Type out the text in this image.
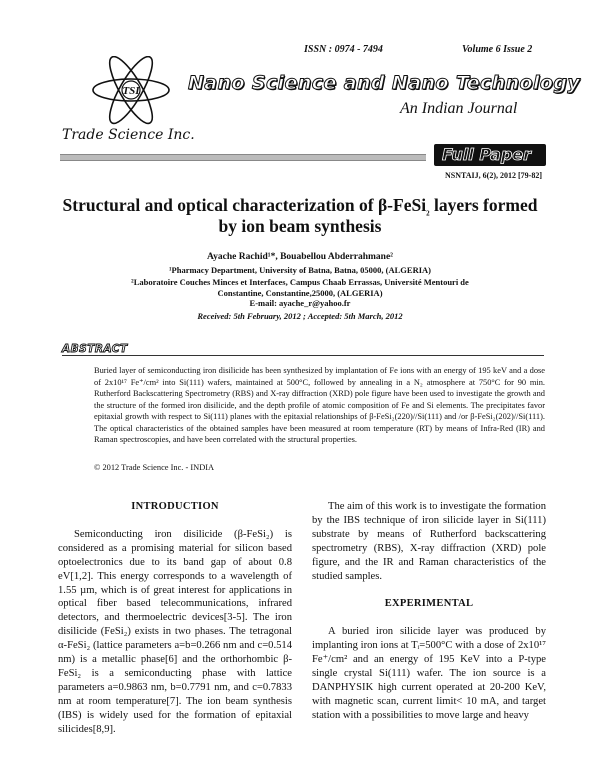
ISSN : 0974 - 7494	Volume 6 Issue 2
TSI	Nano Science and Nano Technology
An Indian Journal
Trade Science Inc.
Full Paper
NSNTAIJ, 6(2), 2012 [79-82]
Structural and optical characterization of β-FeSi$_2$ layers formed
by ion beam synthesis
Ayache Rachid¹*, Bouabellou Abderrahmane²
¹Pharmacy Department, University of Batna, Batna, 05000, (ALGERIA)
²Laboratoire Couches Minces et Interfaces, Campus Chaab Errassas, Université Mentouri de
Constantine, Constantine,25000, (ALGERIA)
E-mail: ayache_r@yahoo.fr
Received: 5th February, 2012 ; Accepted: 5th March, 2012
ABSTRACT
Buried layer of semiconducting iron disilicide has been synthesized by implantation of Fe ions with an energy of 195 keV and a dose of 2x10¹⁷ Fe⁺/cm² into Si(111) wafers, maintained at 500°C, followed by annealing in a N₂ atmosphere at 750°C for 90 min. Rutherford Backscattering Spectrometry (RBS) and X-ray diffraction (XRD) pole figure have been used to investigate the growth and the structure of the formed iron disilicide, and the depth profile of atomic composition of Fe and Si elements. The precipitates favor epitaxial growth with respect to Si(111) planes with the epitaxial relationships of β-FeSi₂(220)//Si(111) and /or β-FeSi₂(202)//Si(111). The optical characteristics of the obtained samples have been measured at room temperature (RT) by means of Infra-Red (IR) and Raman spectroscopies, and have been correlated with the structural properties.
© 2012 Trade Science Inc. - INDIA
INTRODUCTION

Semiconducting iron disilicide (β-FeSi₂) is considered as a promising material for silicon based optoelectronics due to its band gap of about 0.8 eV[1,2]. This energy corresponds to a wavelength of 1.55 µm, which is of great interest for applications in optical fiber based telecommunications, infrared detectors, and thermoelectric devices[3-5]. The iron disilicide (FeSi₂) exists in two phases. The tetragonal α-FeSi₂ (lattice parameters a=b=0.266 nm and c=0.514 nm) is a metallic phase[6] and the orthorhombic β-FeSi₂ is a semiconducting phase with lattice parameters a=0.9863 nm, b=0.7791 nm, and c=0.7833 nm at room temperature[7]. The ion beam synthesis (IBS) is widely used for the formation of epitaxial silicides[8,9].

The aim of this work is to investigate the formation by the IBS technique of iron silicide layer in Si(111) substrate by means of Rutherford backscattering spectrometry (RBS), X-ray diffraction (XRD) pole figure, and the IR and Raman characteristics of the studied samples.

EXPERIMENTAL

A buried iron silicide layer was produced by implanting iron ions at Tᵢ=500°C with a dose of 2x10¹⁷ Fe⁺/cm² and an energy of 195 KeV into a P-type single crystal Si(111) wafer. The ion source is a DANPHYSIK high current operated at 20-200 KeV, with magnetic scan, current limit< 10 mA, and target station with a possibilities to move large and heavy
